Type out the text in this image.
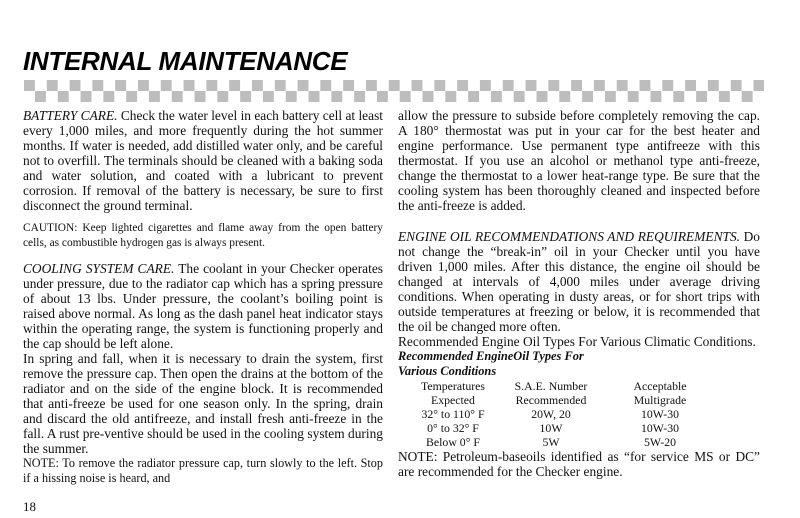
INTERNAL MAINTENANCE

BATTERY CARE. Check the water level in each battery cell at least every 1,000 miles, and more frequently during the hot summer months. If water is needed, add distilled water only, and be careful not to overfill. The terminals should be cleaned with a baking soda and water solution, and coated with a lubricant to prevent corrosion. If removal of the battery is necessary, be sure to first disconnect the ground terminal.

CAUTION: Keep lighted cigarettes and flame away from the open battery cells, as combustible hydrogen gas is always present.

COOLING SYSTEM CARE. The coolant in your Checker operates under pressure, due to the radiator cap which has a spring pressure of about 13 lbs. Under pressure, the coolant’s boiling point is raised above normal. As long as the dash panel heat indicator stays within the operating range, the system is functioning properly and the cap should be left alone.

In spring and fall, when it is necessary to drain the system, first remove the pressure cap. Then open the drains at the bottom of the radiator and on the side of the engine block. It is recommended that anti-freeze be used for one season only. In the spring, drain and discard the old antifreeze, and install fresh anti-freeze in the fall. A rust pre-ventive should be used in the cooling system during the summer.

NOTE: To remove the radiator pressure cap, turn slowly to the left. Stop if a hissing noise is heard, and

allow the pressure to subside before completely removing the cap. A 180° thermostat was put in your car for the best heater and engine performance. Use permanent type antifreeze with this thermostat. If you use an alcohol or methanol type anti-freeze, change the thermostat to a lower heat-range type. Be sure that the cooling system has been thoroughly cleaned and inspected before the anti-freeze is added.

ENGINE OIL RECOMMENDATIONS AND REQUIREMENTS. Do not change the “break-in” oil in your Checker until you have driven 1,000 miles. After this distance, the engine oil should be changed at intervals of 4,000 miles under average driving conditions. When operating in dusty areas, or for short trips with outside temperatures at freezing or below, it is recommended that the oil be changed more often.

Recommended Engine Oil Types For Various Climatic Conditions.

Recommended EngineOil Types For

Various Conditions

Temperatures	S.A.E. Number	Acceptable
Expected	Recommended	Multigrade
32° to 110° F	20W, 20	10W-30
0° to 32° F	10W	10W-30
Below 0° F	5W	5W-20

NOTE: Petroleum-baseoils identified as “for service MS or DC” are recommended for the Checker engine.

18
